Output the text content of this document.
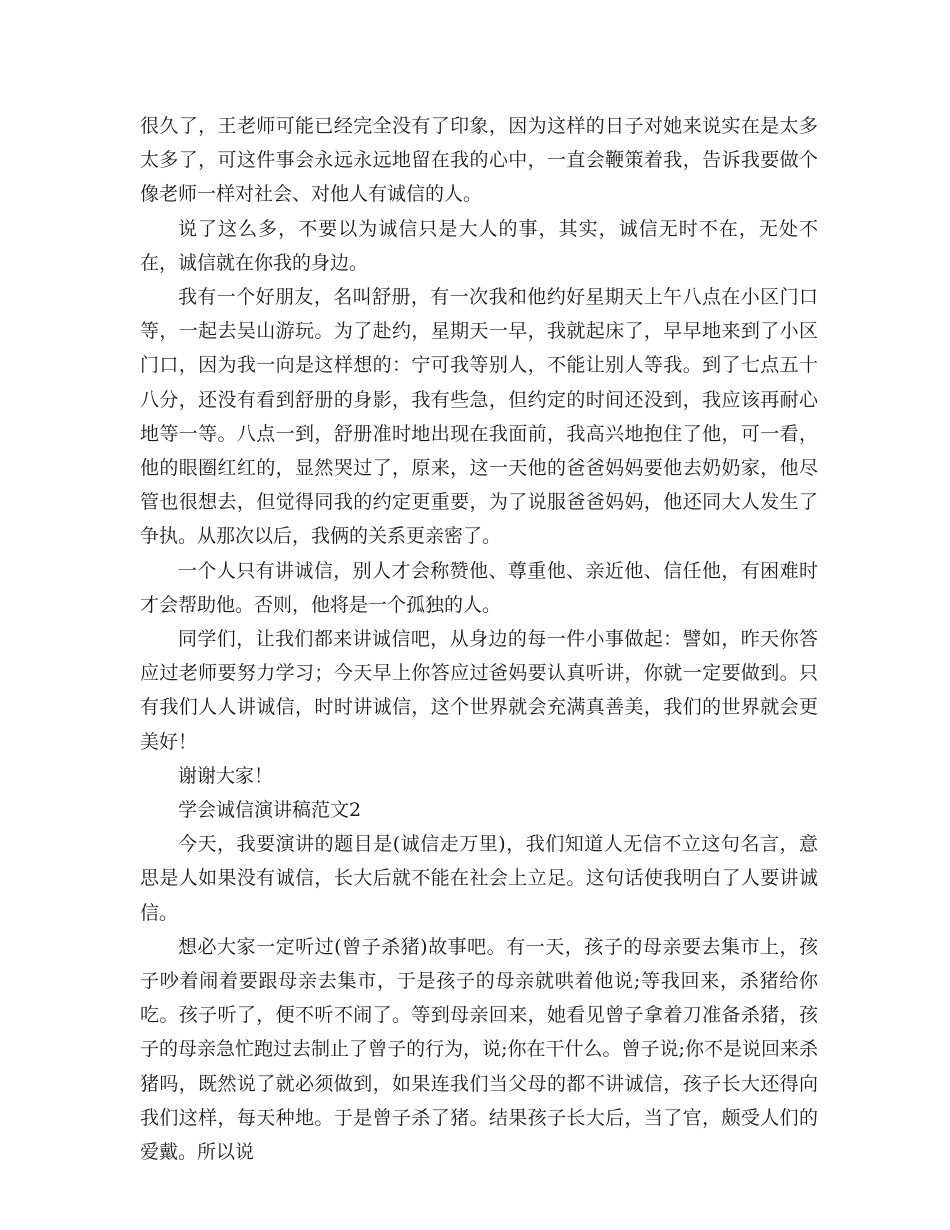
很久了，王老师可能已经完全没有了印象，因为这样的日子对她来说实在是太多太多了，可这件事会永远永远地留在我的心中，一直会鞭策着我，告诉我要做个像老师一样对社会、对他人有诚信的人。

说了这么多，不要以为诚信只是大人的事，其实，诚信无时不在，无处不在，诚信就在你我的身边。

我有一个好朋友，名叫舒册，有一次我和他约好星期天上午八点在小区门口等，一起去吴山游玩。为了赴约，星期天一早，我就起床了，早早地来到了小区门口，因为我一向是这样想的：宁可我等别人，不能让别人等我。到了七点五十八分，还没有看到舒册的身影，我有些急，但约定的时间还没到，我应该再耐心地等一等。八点一到，舒册准时地出现在我面前，我高兴地抱住了他，可一看，他的眼圈红红的，显然哭过了，原来，这一天他的爸爸妈妈要他去奶奶家，他尽管也很想去，但觉得同我的约定更重要，为了说服爸爸妈妈，他还同大人发生了争执。从那次以后，我俩的关系更亲密了。

一个人只有讲诚信，别人才会称赞他、尊重他、亲近他、信任他，有困难时才会帮助他。否则，他将是一个孤独的人。

同学们，让我们都来讲诚信吧，从身边的每一件小事做起：譬如，昨天你答应过老师要努力学习；今天早上你答应过爸妈要认真听讲，你就一定要做到。只有我们人人讲诚信，时时讲诚信，这个世界就会充满真善美，我们的世界就会更美好！

谢谢大家！

学会诚信演讲稿范文2

今天，我要演讲的题目是(诚信走万里)，我们知道人无信不立这句名言，意思是人如果没有诚信，长大后就不能在社会上立足。这句话使我明白了人要讲诚信。

想必大家一定听过(曾子杀猪)故事吧。有一天，孩子的母亲要去集市上，孩子吵着闹着要跟母亲去集市，于是孩子的母亲就哄着他说;等我回来，杀猪给你吃。孩子听了，便不听不闹了。等到母亲回来，她看见曾子拿着刀准备杀猪，孩子的母亲急忙跑过去制止了曾子的行为，说;你在干什么。曾子说;你不是说回来杀猪吗，既然说了就必须做到，如果连我们当父母的都不讲诚信，孩子长大还得向我们这样，每天种地。于是曾子杀了猪。结果孩子长大后，当了官，颇受人们的爱戴。所以说
